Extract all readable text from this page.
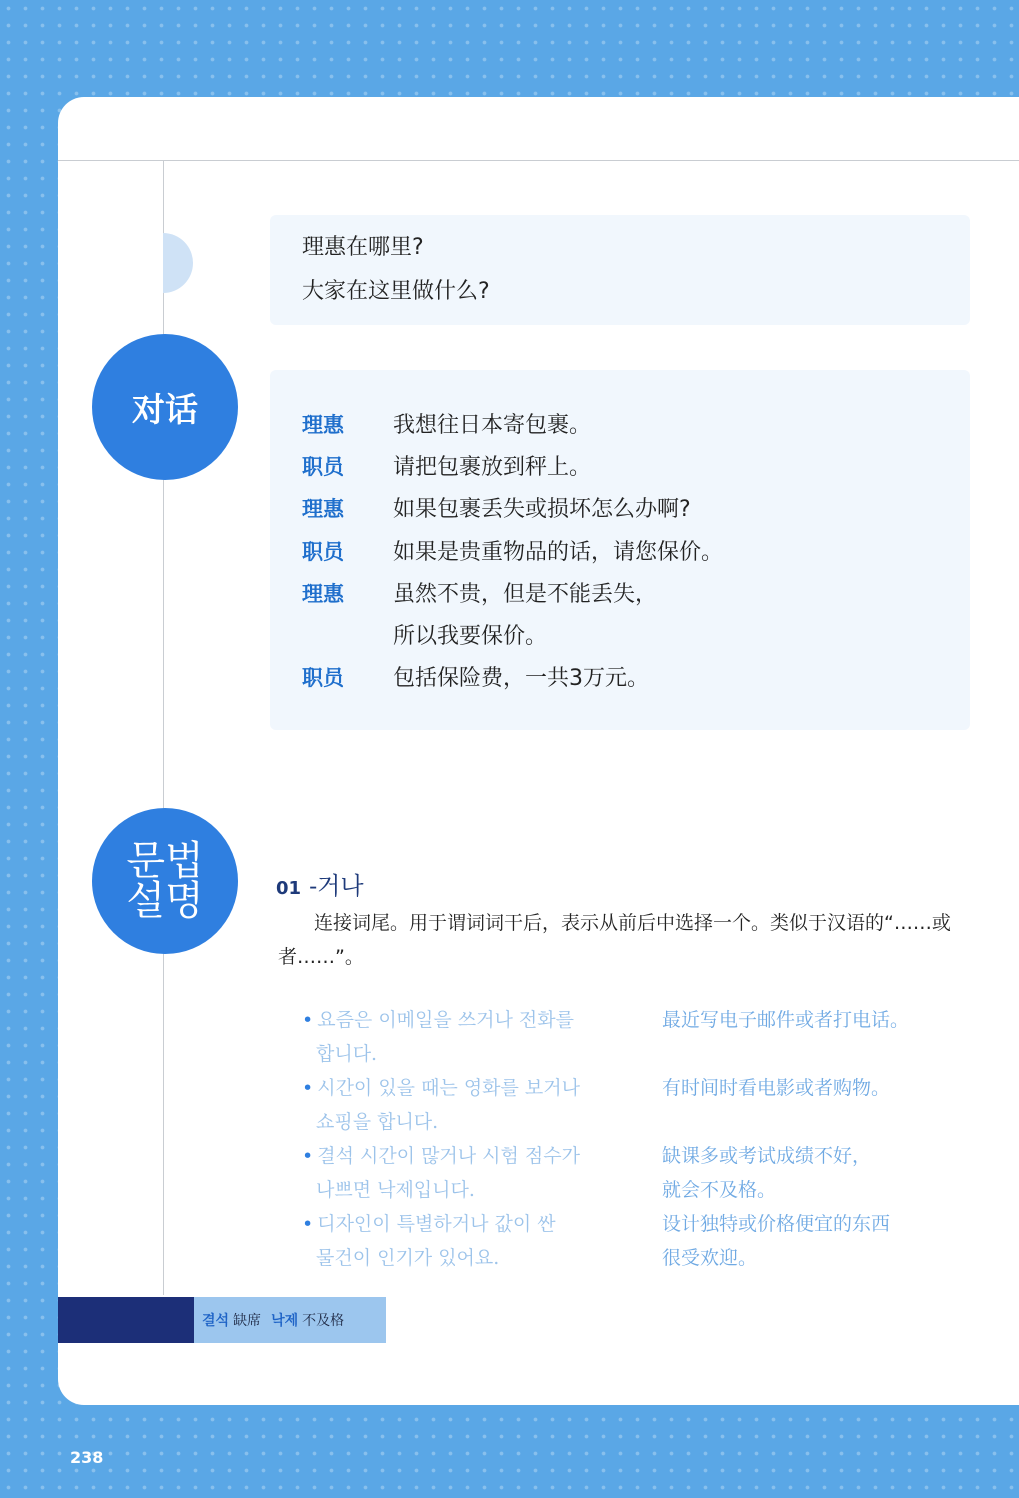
理惠在哪里?
大家在这里做什么?
对话	理惠 我想往日本寄包裹。
职员 请把包裹放到秤上。
理惠 如果包裹丢失或损坏怎么办啊?
职员 如果是贵重物品的话，请您保价。
理惠 虽然不贵，但是不能丢失，
所以我要保价。
职员 包括保险费，一共3万元。
문법
설명	01 -거나
连接词尾。用于谓词词干后，表示从前后中选择一个。类似于汉语的“……或者……”。
• 요즘은 이메일을 쓰거나 전화를
합니다.
最近写电子邮件或者打电话。
• 시간이 있을 때는 영화를 보거나
쇼핑을 합니다.
有时间时看电影或者购物。
• 결석 시간이 많거나 시험 점수가
나쁘면 낙제입니다.
缺课多或考试成绩不好，
就会不及格。
• 디자인이 특별하거나 값이 싼
물건이 인기가 있어요.
设计独特或价格便宜的东西
很受欢迎。
결석 缺席 낙제 不及格
238
